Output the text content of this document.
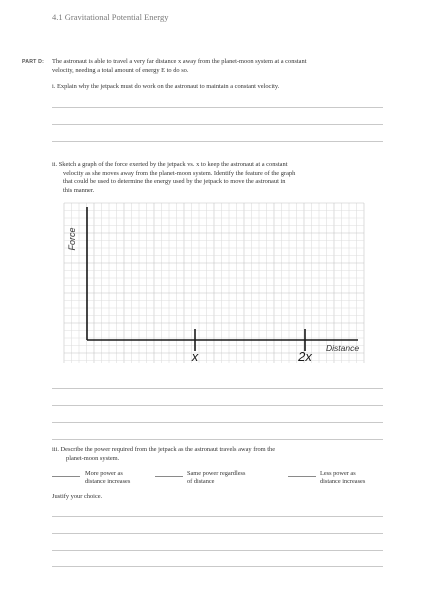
4.1 Gravitational Potential Energy
PART D: The astronaut is able to travel a very far distance x away from the planet-moon system at a constant
velocity, needing a total amount of energy E to do so.
i. Explain why the jetpack must do work on the astronaut to maintain a constant velocity.
ii. Sketch a graph of the force exerted by the jetpack vs. x to keep the astronaut at a constant
velocity as she moves away from the planet-moon system. Identify the feature of the graph
that could be used to determine the energy used by the jetpack to move the astronaut in
this manner.
Force
Distance
x	2x
iii. Describe the power required from the jetpack as the astronaut travels away from the
planet-moon system.
More power as
distance increases
Same power regardless
of distance
Less power as
distance increases
Justify your choice.
